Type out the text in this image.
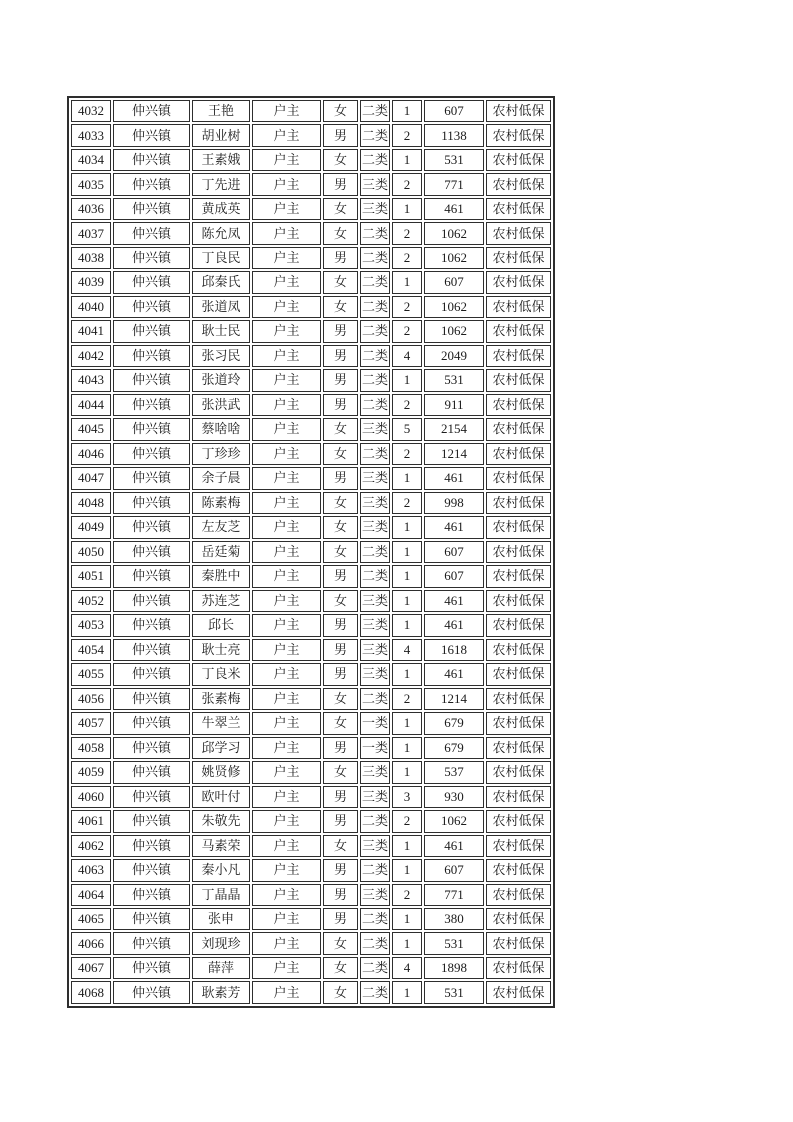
4032	仲兴镇	王艳	户主	女	二类	1	607	农村低保
4033	仲兴镇	胡业树	户主	男	二类	2	1138	农村低保
4034	仲兴镇	王素娥	户主	女	二类	1	531	农村低保
4035	仲兴镇	丁先进	户主	男	三类	2	771	农村低保
4036	仲兴镇	黄成英	户主	女	三类	1	461	农村低保
4037	仲兴镇	陈允凤	户主	女	二类	2	1062	农村低保
4038	仲兴镇	丁良民	户主	男	二类	2	1062	农村低保
4039	仲兴镇	邱秦氏	户主	女	二类	1	607	农村低保
4040	仲兴镇	张道凤	户主	女	二类	2	1062	农村低保
4041	仲兴镇	耿士民	户主	男	二类	2	1062	农村低保
4042	仲兴镇	张习民	户主	男	二类	4	2049	农村低保
4043	仲兴镇	张道玲	户主	男	二类	1	531	农村低保
4044	仲兴镇	张洪武	户主	男	二类	2	911	农村低保
4045	仲兴镇	蔡啥啥	户主	女	三类	5	2154	农村低保
4046	仲兴镇	丁珍珍	户主	女	二类	2	1214	农村低保
4047	仲兴镇	余子晨	户主	男	三类	1	461	农村低保
4048	仲兴镇	陈素梅	户主	女	三类	2	998	农村低保
4049	仲兴镇	左友芝	户主	女	三类	1	461	农村低保
4050	仲兴镇	岳廷菊	户主	女	二类	1	607	农村低保
4051	仲兴镇	秦胜中	户主	男	二类	1	607	农村低保
4052	仲兴镇	苏连芝	户主	女	三类	1	461	农村低保
4053	仲兴镇	邱长	户主	男	三类	1	461	农村低保
4054	仲兴镇	耿士亮	户主	男	三类	4	1618	农村低保
4055	仲兴镇	丁良米	户主	男	三类	1	461	农村低保
4056	仲兴镇	张素梅	户主	女	二类	2	1214	农村低保
4057	仲兴镇	牛翠兰	户主	女	一类	1	679	农村低保
4058	仲兴镇	邱学习	户主	男	一类	1	679	农村低保
4059	仲兴镇	姚贤修	户主	女	三类	1	537	农村低保
4060	仲兴镇	欧叶付	户主	男	三类	3	930	农村低保
4061	仲兴镇	朱敬先	户主	男	二类	2	1062	农村低保
4062	仲兴镇	马素荣	户主	女	三类	1	461	农村低保
4063	仲兴镇	秦小凡	户主	男	二类	1	607	农村低保
4064	仲兴镇	丁晶晶	户主	男	三类	2	771	农村低保
4065	仲兴镇	张申	户主	男	二类	1	380	农村低保
4066	仲兴镇	刘现珍	户主	女	二类	1	531	农村低保
4067	仲兴镇	薛萍	户主	女	二类	4	1898	农村低保
4068	仲兴镇	耿素芳	户主	女	二类	1	531	农村低保
